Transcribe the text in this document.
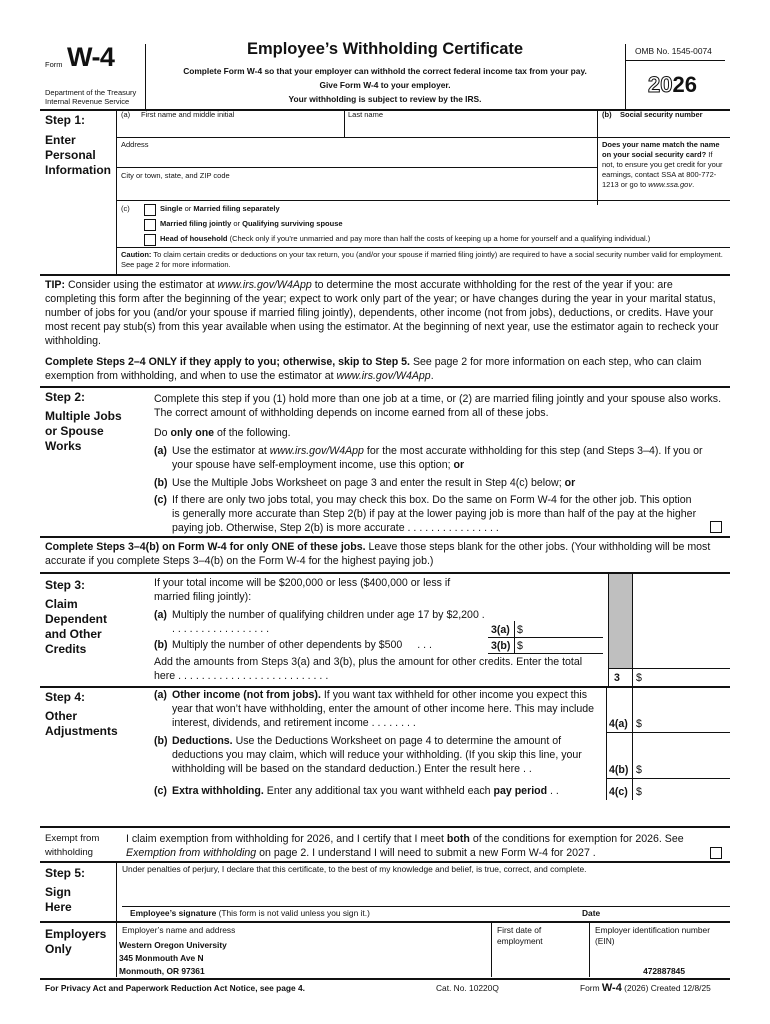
Form W-4
Department of the Treasury
Internal Revenue Service
Employee’s Withholding Certificate
Complete Form W-4 so that your employer can withhold the correct federal income tax from your pay.
Give Form W-4 to your employer.
Your withholding is subject to review by the IRS.
OMB No. 1545-0074
2026
Step 1:
Enter
Personal
Information
(a) First name and middle initial	Last name	(b) Social security number
Address
City or town, state, and ZIP code
Does your name match the name on your social security card? If not, to ensure you get credit for your earnings, contact SSA at 800-772-1213 or go to www.ssa.gov.
(c)	Single or Married filing separately
Married filing jointly or Qualifying surviving spouse
Head of household (Check only if you’re unmarried and pay more than half the costs of keeping up a home for yourself and a qualifying individual.)
Caution: To claim certain credits or deductions on your tax return, you (and/or your spouse if married filing jointly) are required to have a social security number valid for employment. See page 2 for more information.
TIP: Consider using the estimator at www.irs.gov/W4App to determine the most accurate withholding for the rest of the year if you: are completing this form after the beginning of the year; expect to work only part of the year; or have changes during the year in your marital status, number of jobs for you (and/or your spouse if married filing jointly), dependents, other income (not from jobs), deductions, or credits. Have your most recent pay stub(s) from this year available when using the estimator. At the beginning of next year, use the estimator again to recheck your withholding.
Complete Steps 2–4 ONLY if they apply to you; otherwise, skip to Step 5. See page 2 for more information on each step, who can claim exemption from withholding, and when to use the estimator at www.irs.gov/W4App.
Step 2:
Multiple Jobs
or Spouse
Works
Complete this step if you (1) hold more than one job at a time, or (2) are married filing jointly and your spouse also works. The correct amount of withholding depends on income earned from all of these jobs.
Do only one of the following.
(a) Use the estimator at www.irs.gov/W4App for the most accurate withholding for this step (and Steps 3–4). If you or your spouse have self-employment income, use this option; or
(b) Use the Multiple Jobs Worksheet on page 3 and enter the result in Step 4(c) below; or
(c) If there are only two jobs total, you may check this box. Do the same on Form W-4 for the other job. This option is generally more accurate than Step 2(b) if pay at the lower paying job is more than half of the pay at the higher paying job. Otherwise, Step 2(b) is more accurate . . . . . . . . . . . . . . . .
Complete Steps 3–4(b) on Form W-4 for only ONE of these jobs. Leave those steps blank for the other jobs. (Your withholding will be most accurate if you complete Steps 3–4(b) on the Form W-4 for the highest paying job.)
Step 3:
Claim
Dependent
and Other
Credits
If your total income will be $200,000 or less ($400,000 or less if married filing jointly):
(a) Multiply the number of qualifying children under age 17 by $2,200 . . . . . . . . . . . . . . . . . .	3(a) $
(b) Multiply the number of other dependents by $500 . . .	3(b) $
Add the amounts from Steps 3(a) and 3(b), plus the amount for other credits. Enter the total here . . . . . . . . . . . . . . . . . . . . . . . . . .	3 $
Step 4:
Other
Adjustments
(a) Other income (not from jobs). If you want tax withheld for other income you expect this year that won’t have withholding, enter the amount of other income here. This may include interest, dividends, and retirement income . . . . . . . .
(b) Deductions. Use the Deductions Worksheet on page 4 to determine the amount of deductions you may claim, which will reduce your withholding. (If you skip this line, your withholding will be based on the standard deduction.) Enter the result here . .
(c) Extra withholding. Enter any additional tax you want withheld each pay period . .
4(a) $
4(b) $
4(c) $
Exempt from
withholding
I claim exemption from withholding for 2026, and I certify that I meet both of the conditions for exemption for 2026. See Exemption from withholding on page 2. I understand I will need to submit a new Form W-4 for 2027 .
Step 5:
Sign
Here
Under penalties of perjury, I declare that this certificate, to the best of my knowledge and belief, is true, correct, and complete.
Employee’s signature (This form is not valid unless you sign it.)	Date
Employers
Only
Employer’s name and address
Western Oregon University
345 Monmouth Ave N
Monmouth, OR 97361
First date of employment
Employer identification number (EIN)
472887845
For Privacy Act and Paperwork Reduction Act Notice, see page 4.	Cat. No. 10220Q	Form W-4 (2026) Created 12/8/25
